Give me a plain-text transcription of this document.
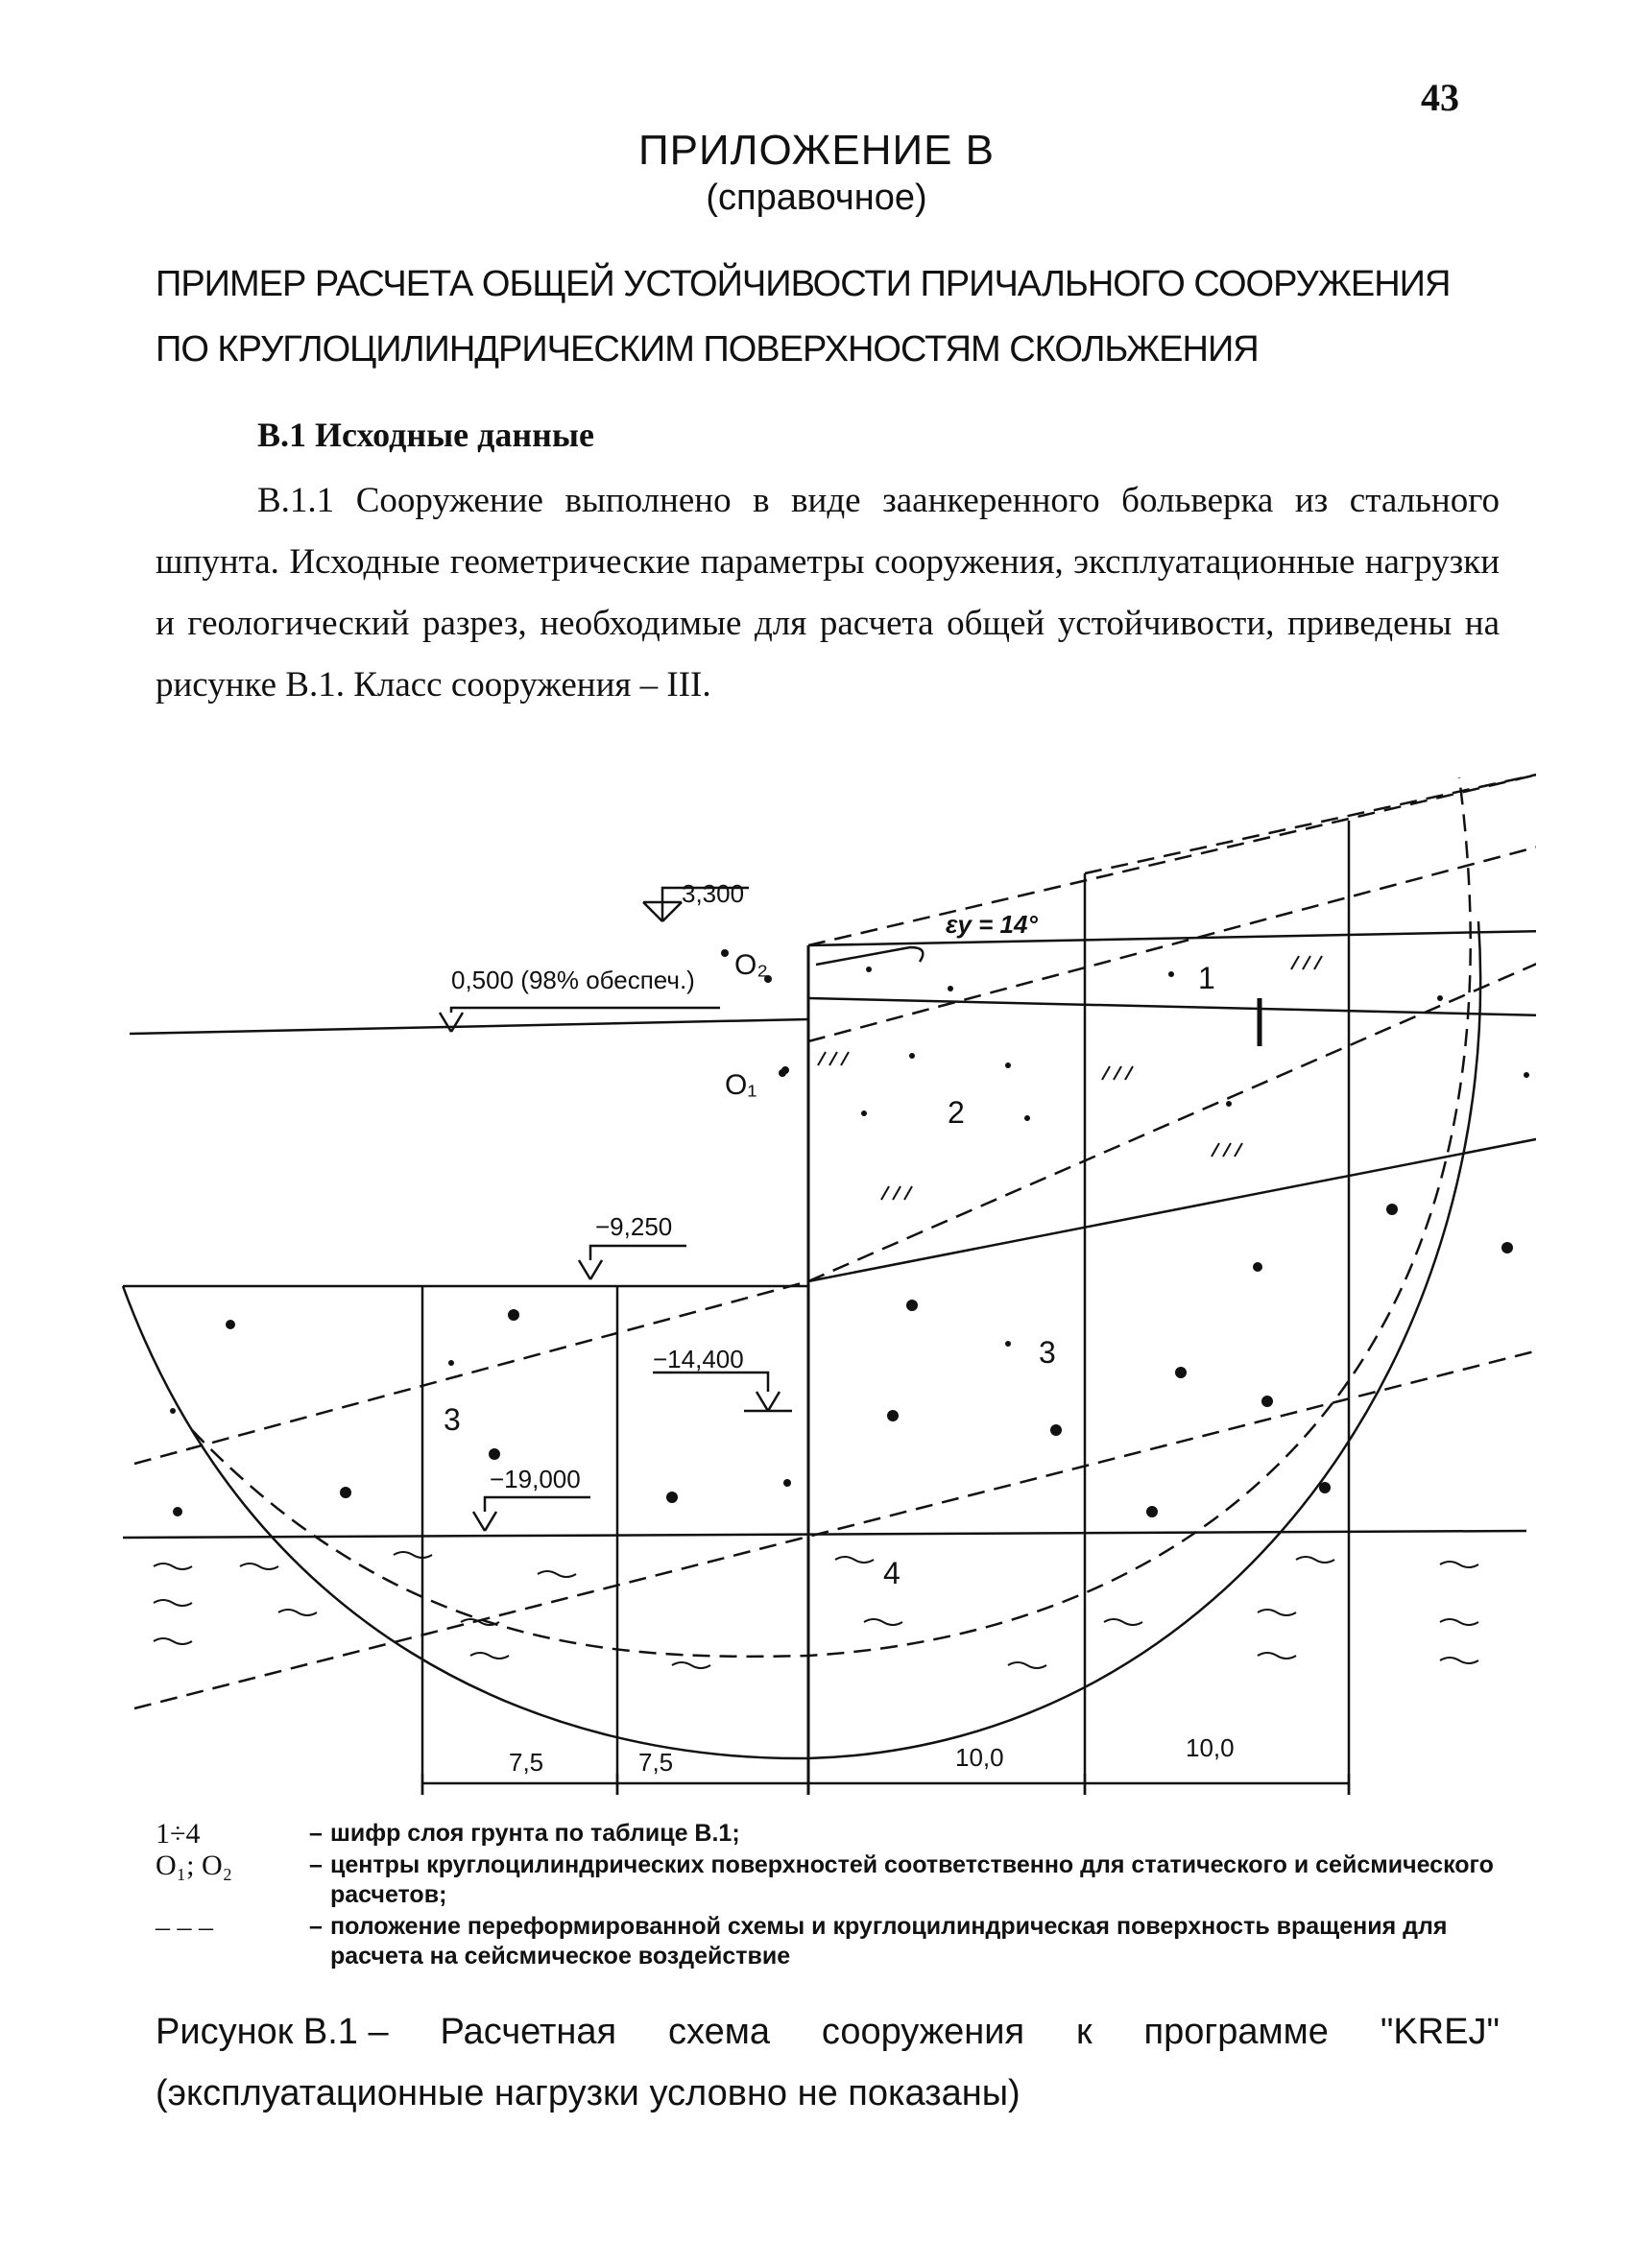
43
ПРИЛОЖЕНИЕ В
(справочное)
ПРИМЕР РАСЧЕТА ОБЩЕЙ УСТОЙЧИВОСТИ ПРИЧАЛЬНОГО СООРУЖЕНИЯ
ПО КРУГЛОЦИЛИНДРИЧЕСКИМ ПОВЕРХНОСТЯМ СКОЛЬЖЕНИЯ
В.1 Исходные данные
В.1.1 Сооружение выполнено в виде заанкеренного больверка из стального шпунта. Исходные геометрические параметры сооружения, эксплуатационные нагрузки и геологический разрез, необходимые для расчета общей устойчивости, приведены на рисунке В.1. Класс сооружения – III.
3,300
0,500 (98% обеспеч.)
−9,250
−14,400
−19,000
εy = 14°
O₁
O₂	1
2
3
3
4
7,5	7,5	10,0	10,0
1÷4	– шифр слоя грунта по таблице В.1;
O₁; O₂	– центры круглоцилиндрических поверхностей соответственно для статического и сейсмического расчетов;
– – –	– положение переформированной схемы и круглоцилиндрическая поверхность вращения для расчета на сейсмическое воздействие
Рисунок В.1 – Расчетная схема сооружения к программе "KREJ"
(эксплуатационные нагрузки условно не показаны)
